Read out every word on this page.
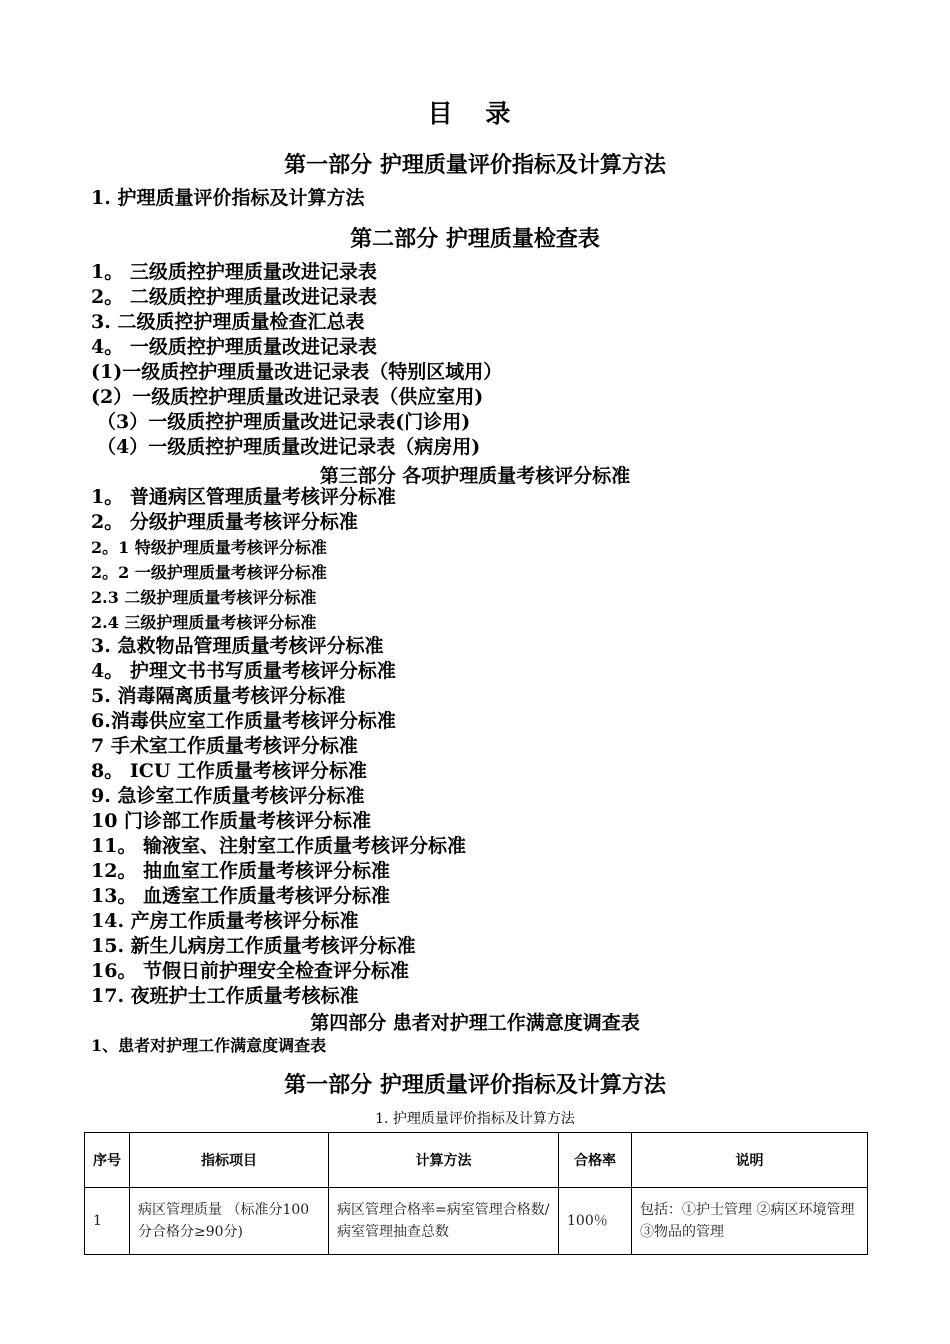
目 录
第一部分 护理质量评价指标及计算方法
1. 护理质量评价指标及计算方法
第二部分 护理质量检查表
1。 三级质控护理质量改进记录表
2。 二级质控护理质量改进记录表
3. 二级质控护理质量检查汇总表
4。 一级质控护理质量改进记录表
(1)一级质控护理质量改进记录表（特别区域用）
(2）一级质控护理质量改进记录表（供应室用)
（3）一级质控护理质量改进记录表(门诊用)
（4）一级质控护理质量改进记录表（病房用)
第三部分 各项护理质量考核评分标准
1。 普通病区管理质量考核评分标准
2。 分级护理质量考核评分标准
2。1 特级护理质量考核评分标准
2。2 一级护理质量考核评分标准
2.3 二级护理质量考核评分标准
2.4 三级护理质量考核评分标准
3. 急救物品管理质量考核评分标准
4。 护理文书书写质量考核评分标准
5. 消毒隔离质量考核评分标准
6.消毒供应室工作质量考核评分标准
7 手术室工作质量考核评分标准
8。 ICU 工作质量考核评分标准
9. 急诊室工作质量考核评分标准
10 门诊部工作质量考核评分标准
11。 输液室、注射室工作质量考核评分标准
12。 抽血室工作质量考核评分标准
13。 血透室工作质量考核评分标准
14. 产房工作质量考核评分标准
15. 新生儿病房工作质量考核评分标准
16。 节假日前护理安全检查评分标准
17. 夜班护士工作质量考核标准
第四部分 患者对护理工作满意度调查表
1、患者对护理工作满意度调查表
第一部分 护理质量评价指标及计算方法
1. 护理质量评价指标及计算方法
序号	指标项目	计算方法	合格率	说明
1	病区管理质量 （标准分100分合格分≥90分)	病区管理合格率=病室管理合格数/病室管理抽查总数	100％	包括：①护士管理 ②病区环境管理 ③物品的管理
